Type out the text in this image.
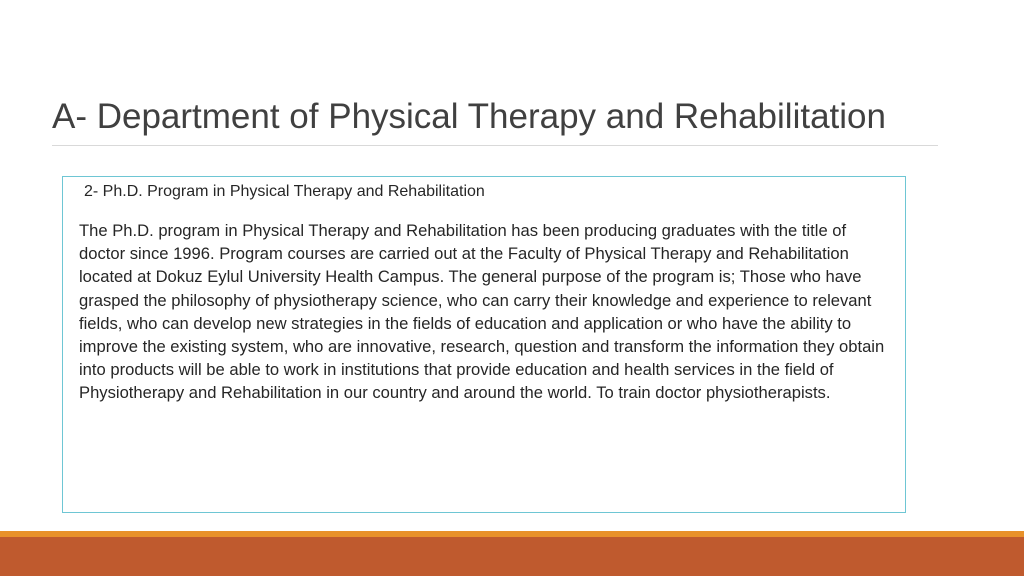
A- Department of Physical Therapy and Rehabilitation

2- Ph.D. Program in Physical Therapy and Rehabilitation

The Ph.D. program in Physical Therapy and Rehabilitation has been producing graduates with the title of doctor since 1996. Program courses are carried out at the Faculty of Physical Therapy and Rehabilitation located at Dokuz Eylul University Health Campus. The general purpose of the program is; Those who have grasped the philosophy of physiotherapy science, who can carry their knowledge and experience to relevant fields, who can develop new strategies in the fields of education and application or who have the ability to improve the existing system, who are innovative, research, question and transform the information they obtain into products will be able to work in institutions that provide education and health services in the field of Physiotherapy and Rehabilitation in our country and around the world. To train doctor physiotherapists.
